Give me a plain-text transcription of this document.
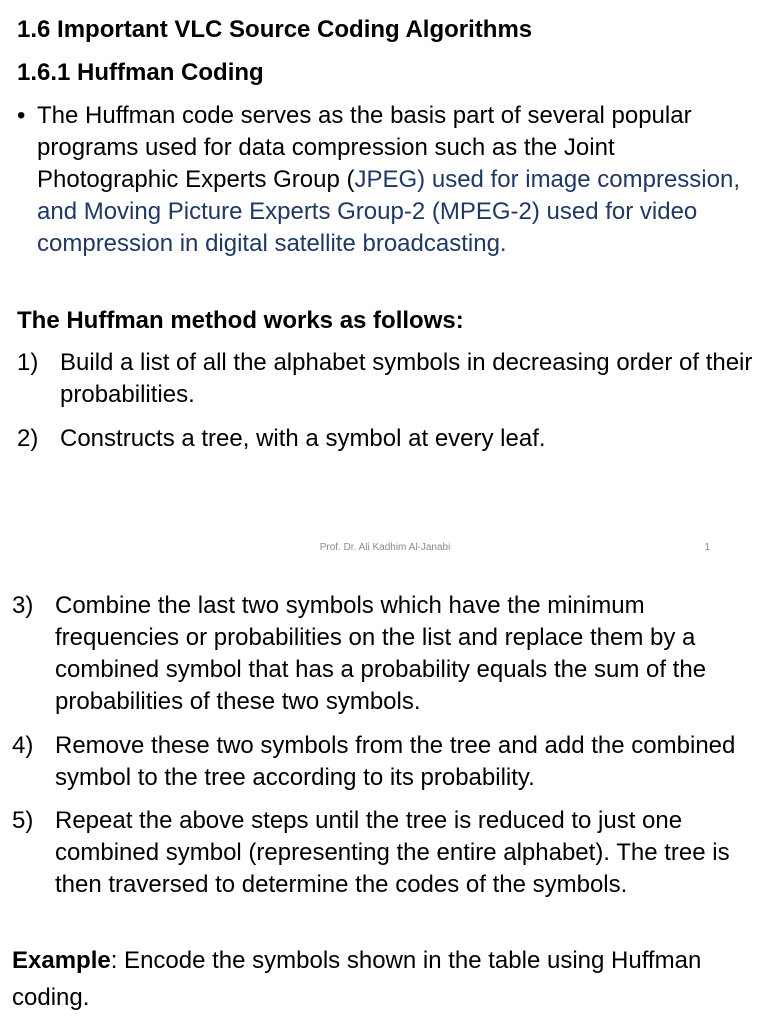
1.6 Important VLC Source Coding Algorithms
1.6.1 Huffman Coding
• The Huffman code serves as the basis part of several popular programs used for data compression such as the Joint Photographic Experts Group (JPEG) used for image compression, and Moving Picture Experts Group-2 (MPEG-2) used for video compression in digital satellite broadcasting.
The Huffman method works as follows:
1) Build a list of all the alphabet symbols in decreasing order of their probabilities.
2) Constructs a tree, with a symbol at every leaf.
Prof. Dr. Ali Kadhim Al-Janabi	1
3) Combine the last two symbols which have the minimum frequencies or probabilities on the list and replace them by a combined symbol that has a probability equals the sum of the probabilities of these two symbols.
4) Remove these two symbols from the tree and add the combined symbol to the tree according to its probability.
5) Repeat the above steps until the tree is reduced to just one combined symbol (representing the entire alphabet). The tree is then traversed to determine the codes of the symbols.
Example: Encode the symbols shown in the table using Huffman coding.
